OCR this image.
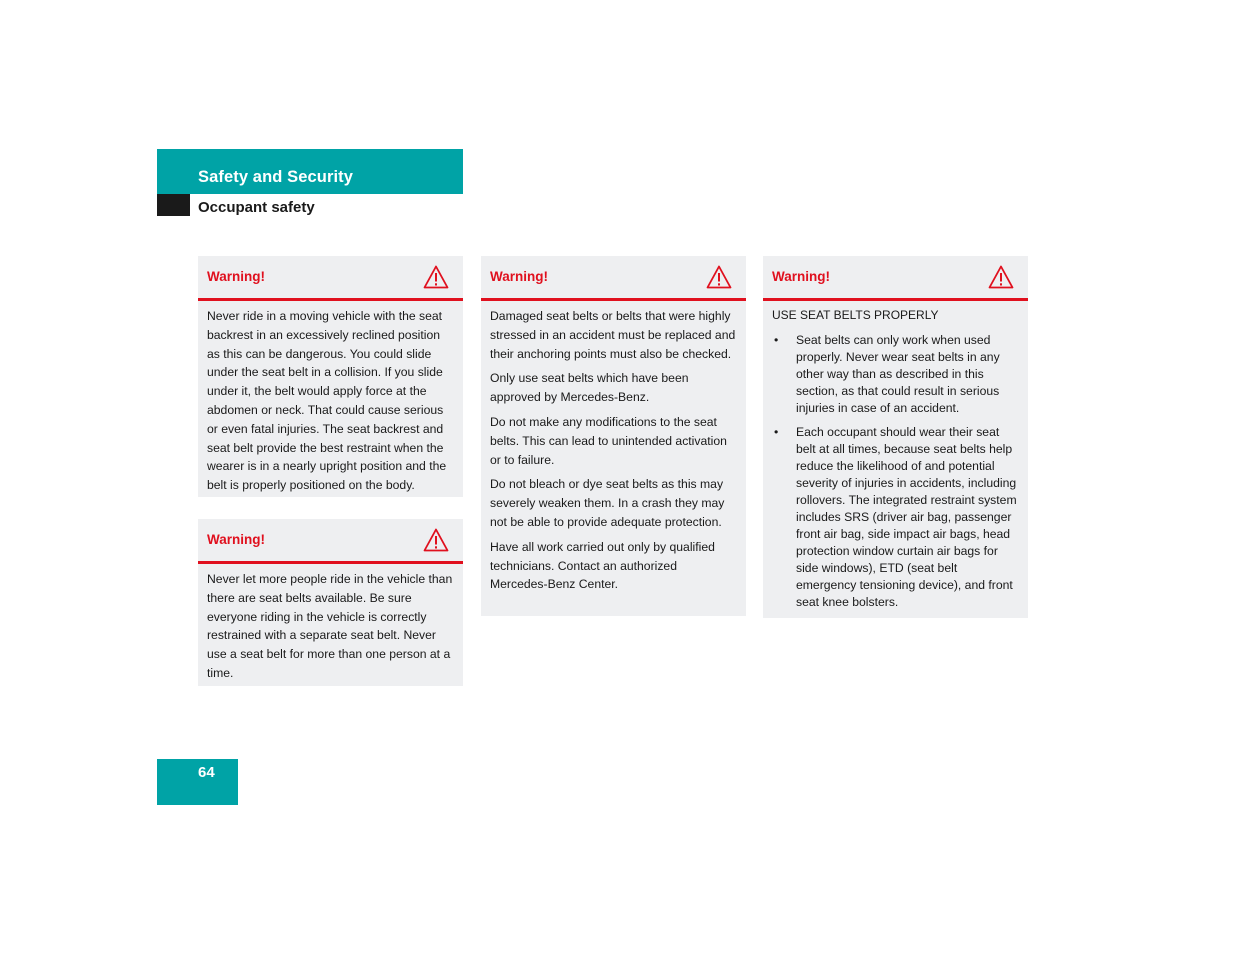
Safety and Security
Occupant safety
Warning!

Never ride in a moving vehicle with the seat backrest in an excessively reclined position as this can be dangerous. You could slide under the seat belt in a collision. If you slide under it, the belt would apply force at the abdomen or neck. That could cause serious or even fatal injuries. The seat backrest and seat belt provide the best restraint when the wearer is in a nearly upright position and the belt is properly positioned on the body.

Warning!

Never let more people ride in the vehicle than there are seat belts available. Be sure everyone riding in the vehicle is correctly restrained with a separate seat belt. Never use a seat belt for more than one person at a time.

Warning!

Damaged seat belts or belts that were highly stressed in an accident must be replaced and their anchoring points must also be checked.

Only use seat belts which have been approved by Mercedes-Benz.

Do not make any modifications to the seat belts. This can lead to unintended activation or to failure.

Do not bleach or dye seat belts as this may severely weaken them. In a crash they may not be able to provide adequate protection.

Have all work carried out only by qualified technicians. Contact an authorized Mercedes-Benz Center.

Warning!

USE SEAT BELTS PROPERLY

•	Seat belts can only work when used properly. Never wear seat belts in any other way than as described in this section, as that could result in serious injuries in case of an accident.
•	Each occupant should wear their seat belt at all times, because seat belts help reduce the likelihood of and potential severity of injuries in accidents, including rollovers. The integrated restraint system includes SRS (driver air bag, passenger front air bag, side impact air bags, head protection window curtain air bags for side windows), ETD (seat belt emergency tensioning device), and front seat knee bolsters.
64
